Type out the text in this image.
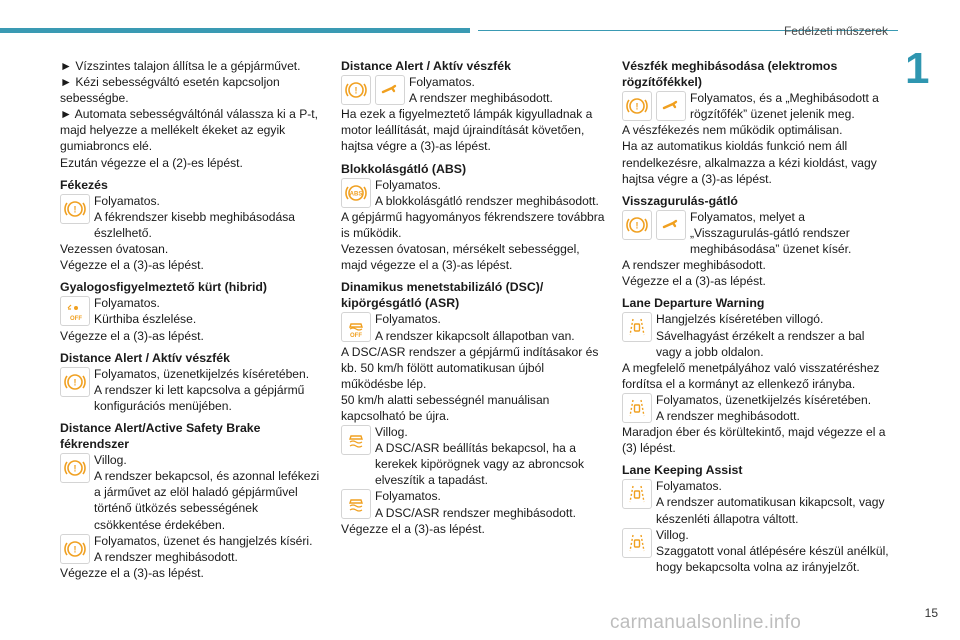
Fedélzeti műszerek
1
15
carmanualsonline.info

► Vízszintes talajon állítsa le a gépjárművet.

► Kézi sebességváltó esetén kapcsoljon sebességbe.

► Automata sebességváltónál válassza ki a P-t, majd helyezze a mellékelt ékeket az egyik gumiabroncs elé.

Ezután végezze el a (2)-es lépést.

Fékezés

Folyamatos.

A fékrendszer kisebb meghibásodása észlelhető.

Vezessen óvatosan.

Végezze el a (3)-as lépést.

Gyalogosfigyelmeztető kürt (hibrid)

Folyamatos.

Kürthiba észlelése.

Végezze el a (3)-as lépést.

Distance Alert / Aktív vészfék

Folyamatos, üzenetkijelzés kíséretében.

A rendszer ki lett kapcsolva a gépjármű konfigurációs menüjében.

Distance Alert/Active Safety Brake fékrendszer

Villog.

A rendszer bekapcsol, és azonnal lefékezi a járművet az elöl haladó gépjárművel történő ütközés sebességének csökkentése érdekében.

Folyamatos, üzenet és hangjelzés kíséri.

A rendszer meghibásodott.

Végezze el a (3)-as lépést.

Distance Alert / Aktív vészfék

Folyamatos.

A rendszer meghibásodott.

Ha ezek a figyelmeztető lámpák kigyulladnak a motor leállítását, majd újraindítását követően, hajtsa végre a (3)-as lépést.

Blokkolásgátló (ABS)

Folyamatos.

A blokkolásgátló rendszer meghibásodott.

A gépjármű hagyományos fékrendszere továbbra is működik.

Vezessen óvatosan, mérsékelt sebességgel, majd végezze el a (3)-as lépést.

Dinamikus menetstabilizáló (DSC)/ kipörgésgátló (ASR)

Folyamatos.

A rendszer kikapcsolt állapotban van.

A DSC/ASR rendszer a gépjármű indításakor és kb. 50 km/h fölött automatikusan újból működésbe lép.

50 km/h alatti sebességnél manuálisan kapcsolható be újra.

Villog.

A DSC/ASR beállítás bekapcsol, ha a kerekek kipörögnek vagy az abroncsok elveszítik a tapadást.

Folyamatos.

A DSC/ASR rendszer meghibásodott.

Végezze el a (3)-as lépést.

Vészfék meghibásodása (elektromos rögzítőfékkel)

Folyamatos, és a „Meghibásodott a rögzítőfék” üzenet jelenik meg.

A vészfékezés nem működik optimálisan.

Ha az automatikus kioldás funkció nem áll rendelkezésre, alkalmazza a kézi kioldást, vagy hajtsa végre a (3)-as lépést.

Visszagurulás-gátló

Folyamatos, melyet a „Visszagurulás-gátló rendszer meghibásodása” üzenet kísér.

A rendszer meghibásodott.

Végezze el a (3)-as lépést.

Lane Departure Warning

Hangjelzés kíséretében villogó.

Sávelhagyást érzékelt a rendszer a bal vagy a jobb oldalon.

A megfelelő menetpályához való visszatéréshez fordítsa el a kormányt az ellenkező irányba.

Folyamatos, üzenetkijelzés kíséretében.

A rendszer meghibásodott.

Maradjon éber és körültekintő, majd végezze el a (3) lépést.

Lane Keeping Assist

Folyamatos.

A rendszer automatikusan kikapcsolt, vagy készenléti állapotra váltott.

Villog.

Szaggatott vonal átlépésére készül anélkül, hogy bekapcsolta volna az irányjelzőt.
